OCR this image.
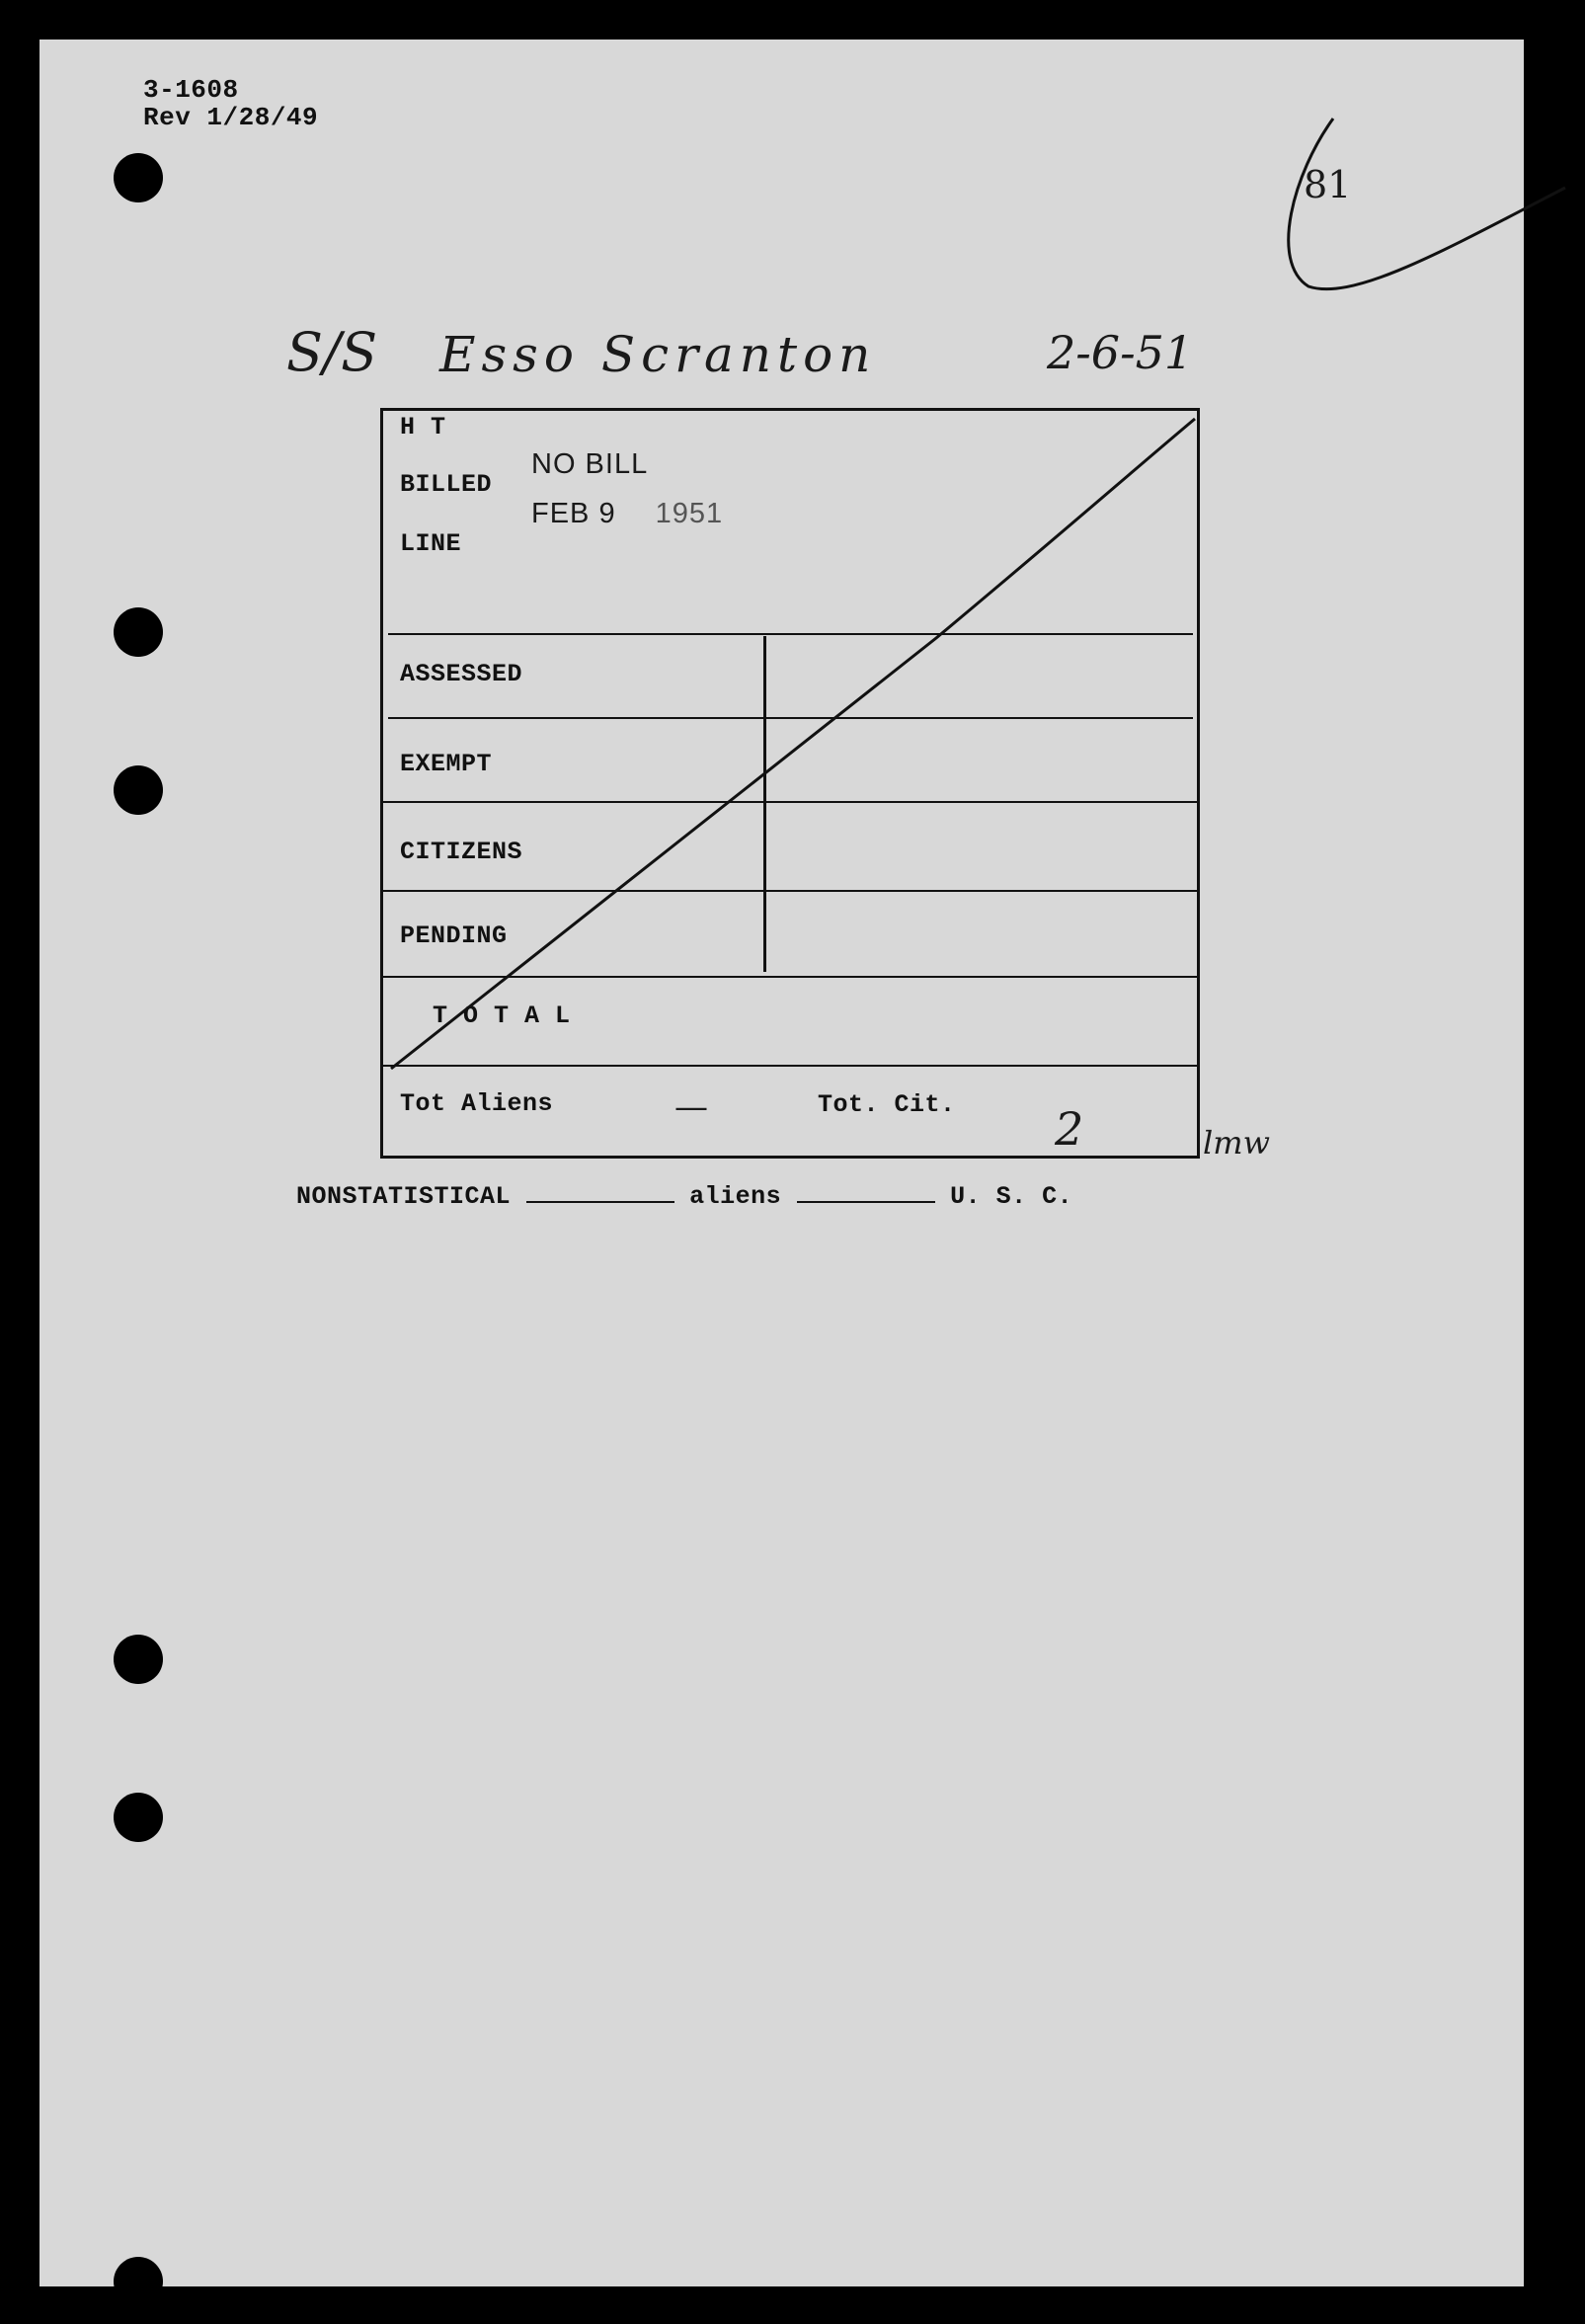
3-1608
Rev 1/28/49
81
S/S Esso Scranton	2-6-51
H T
BILLED
LINE
NO BILL
FEB 9 1951
ASSESSED
EXEMPT
CITIZENS
PENDING
T O T A L
Tot Aliens	—	Tot. Cit. 2	lmw
NONSTATISTICAL	aliens	U. S. C.
